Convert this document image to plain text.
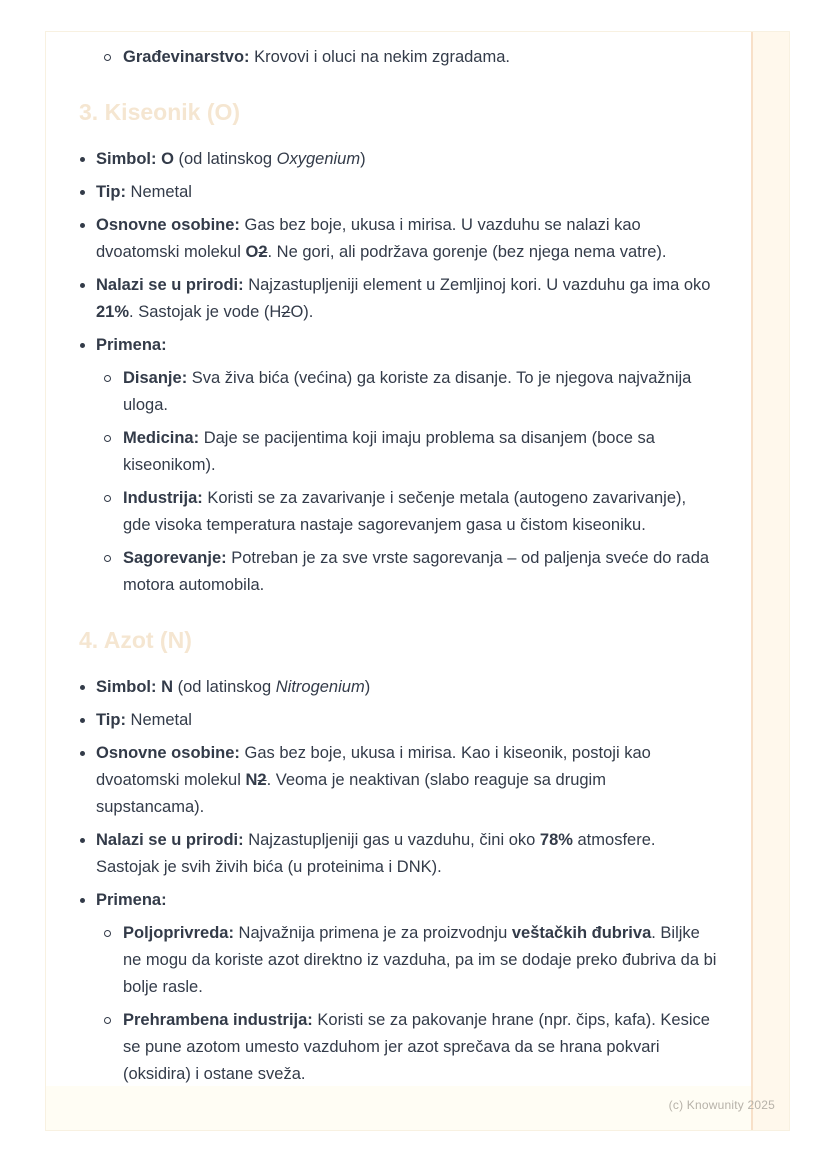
Građevinarstvo: Krovovi i oluci na nekim zgradama.
3. Kiseonik (O)
Simbol: O (od latinskog Oxygenium)
Tip: Nemetal
Osnovne osobine: Gas bez boje, ukusa i mirisa. U vazduhu se nalazi kao dvoatomski molekul O2. Ne gori, ali podržava gorenje (bez njega nema vatre).
Nalazi se u prirodi: Najzastupljeniji element u Zemljinoj kori. U vazduhu ga ima oko 21%. Sastojak je vode (H2O).
Primena:
Disanje: Sva živa bića (većina) ga koriste za disanje. To je njegova najvažnija uloga.
Medicina: Daje se pacijentima koji imaju problema sa disanjem (boce sa kiseonikom).
Industrija: Koristi se za zavarivanje i sečenje metala (autogeno zavarivanje), gde visoka temperatura nastaje sagorevanjem gasa u čistom kiseoniku.
Sagorevanje: Potreban je za sve vrste sagorevanja – od paljenja sveće do rada motora automobila.
4. Azot (N)
Simbol: N (od latinskog Nitrogenium)
Tip: Nemetal
Osnovne osobine: Gas bez boje, ukusa i mirisa. Kao i kiseonik, postoji kao dvoatomski molekul N2. Veoma je neaktivan (slabo reaguje sa drugim supstancama).
Nalazi se u prirodi: Najzastupljeniji gas u vazduhu, čini oko 78% atmosfere. Sastojak je svih živih bića (u proteinima i DNK).
Primena:
Poljoprivreda: Najvažnija primena je za proizvodnju veštačkih đubriva. Biljke ne mogu da koriste azot direktno iz vazduha, pa im se dodaje preko đubriva da bi bolje rasle.
Prehrambena industrija: Koristi se za pakovanje hrane (npr. čips, kafa). Kesice se pune azotom umesto vazduhom jer azot sprečava da se hrana pokvari (oksidira) i ostane sveža.
(c) Knowunity 2025
